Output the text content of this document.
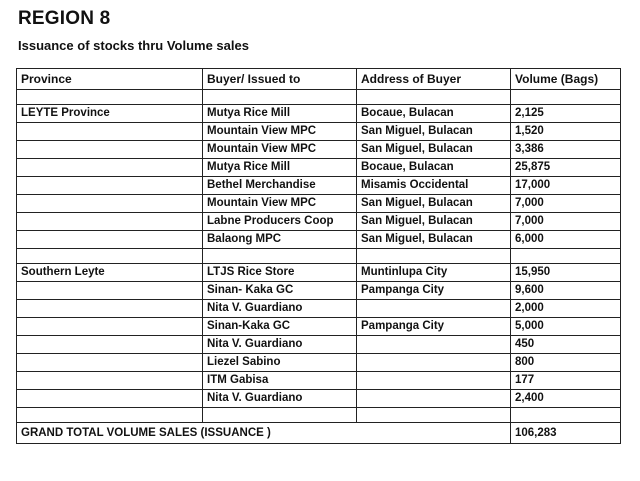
REGION 8
Issuance of stocks thru Volume sales
Province	Buyer/ Issued to	Address of Buyer	Volume (Bags)

LEYTE Province	Mutya Rice Mill	Bocaue, Bulacan	2,125
	Mountain View MPC	San Miguel, Bulacan	1,520
	Mountain View MPC	San Miguel, Bulacan	3,386
	Mutya Rice Mill	Bocaue, Bulacan	25,875
	Bethel Merchandise	Misamis Occidental	17,000
	Mountain View MPC	San Miguel, Bulacan	7,000
	Labne Producers Coop	San Miguel, Bulacan	7,000
	Balaong MPC	San Miguel, Bulacan	6,000

Southern Leyte	LTJS Rice Store	Muntinlupa City	15,950
	Sinan- Kaka GC	Pampanga City	9,600
	Nita V. Guardiano		2,000
	Sinan-Kaka GC	Pampanga City	5,000
	Nita V. Guardiano		450
	Liezel Sabino		800
	ITM Gabisa		177
	Nita V. Guardiano		2,400

GRAND TOTAL VOLUME SALES (ISSUANCE )			106,283
